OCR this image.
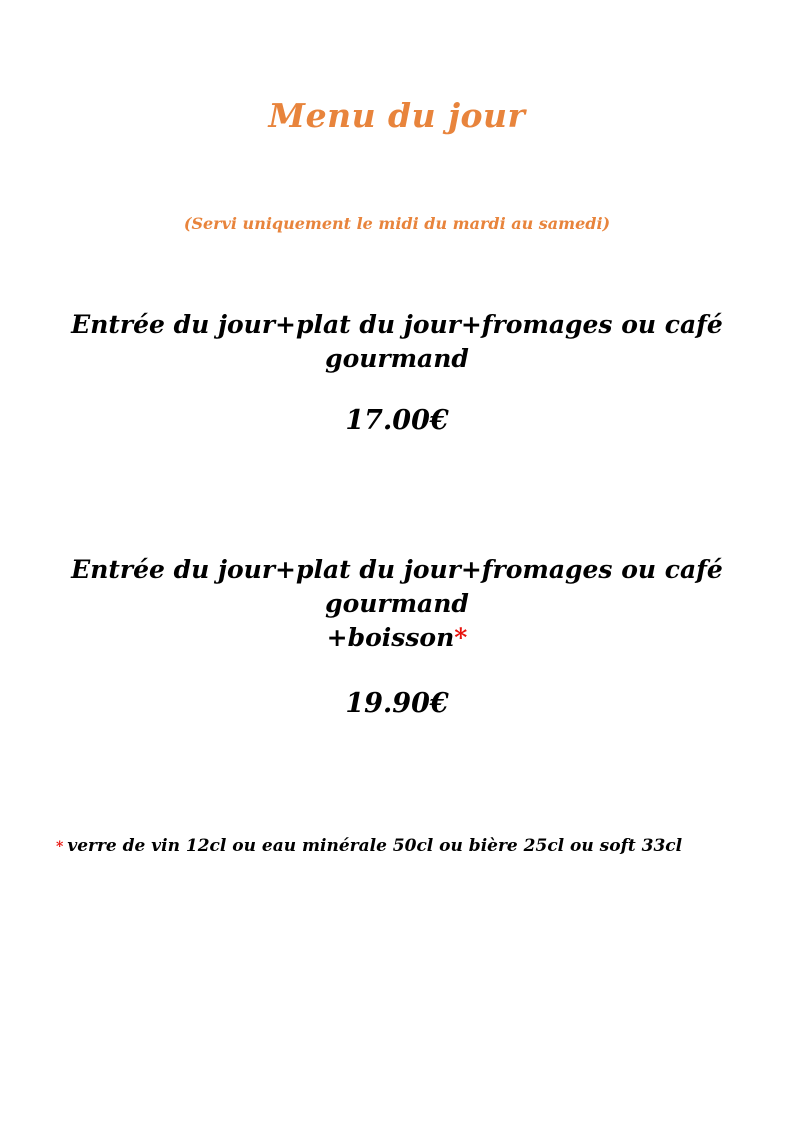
Menu du jour
(Servi uniquement le midi du mardi au samedi)
Entrée du jour+plat du jour+fromages ou café gourmand
17.00€
Entrée du jour+plat du jour+fromages ou café gourmand
+boisson*
19.90€
* verre de vin 12cl ou eau minérale 50cl ou bière 25cl ou soft 33cl
